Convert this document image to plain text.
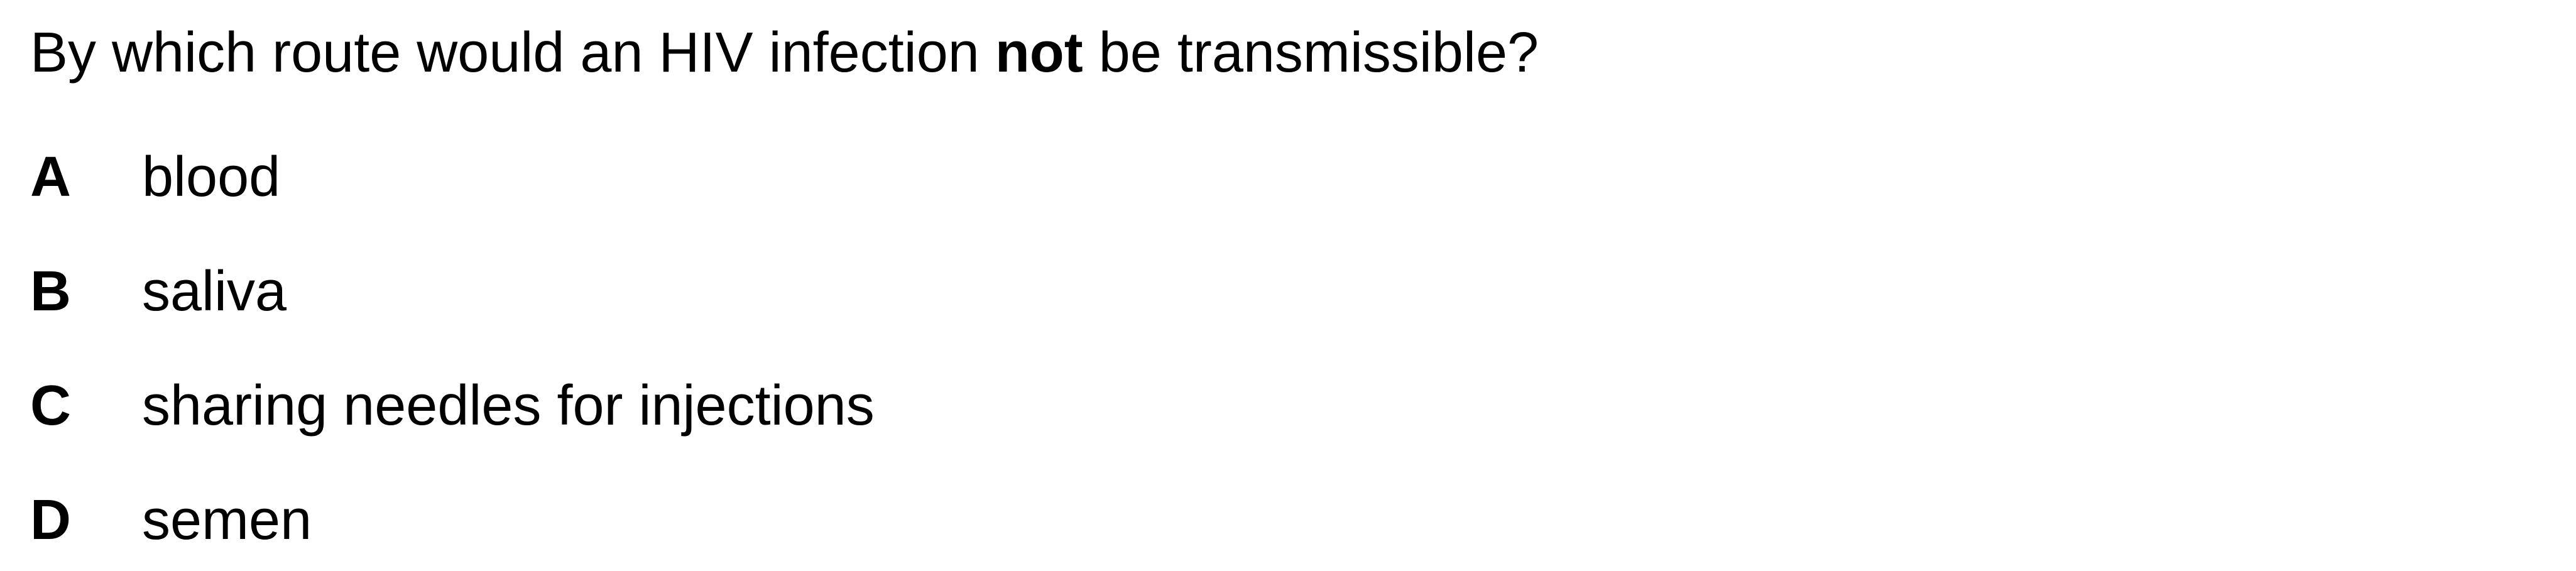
By which route would an HIV infection not be transmissible?

A blood
B saliva
C sharing needles for injections
D semen
